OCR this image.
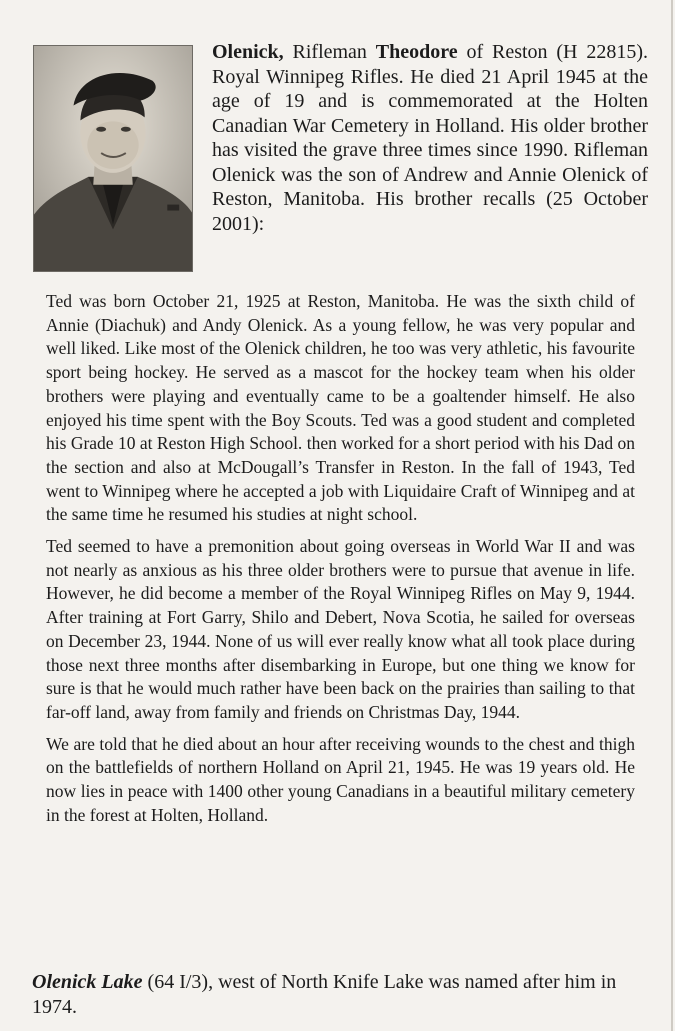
Olenick, Rifleman Theodore of Reston (H 22815). Royal Winnipeg Rifles. He died 21 April 1945 at the age of 19 and is commemorated at the Holten Canadian War Cemetery in Holland. His older brother has visited the grave three times since 1990. Rifleman Olenick was the son of Andrew and Annie Olenick of Reston, Manitoba. His brother recalls (25 October 2001):

Ted was born October 21, 1925 at Reston, Manitoba. He was the sixth child of Annie (Diachuk) and Andy Olenick. As a young fellow, he was very popular and well liked. Like most of the Olenick children, he too was very athletic, his favourite sport being hockey. He served as a mascot for the hockey team when his older brothers were playing and eventually came to be a goaltender himself. He also enjoyed his time spent with the Boy Scouts. Ted was a good student and completed his Grade 10 at Reston High School. then worked for a short period with his Dad on the section and also at McDougall’s Transfer in Reston. In the fall of 1943, Ted went to Winnipeg where he accepted a job with Liquidaire Craft of Winnipeg and at the same time he resumed his studies at night school.

Ted seemed to have a premonition about going overseas in World War II and was not nearly as anxious as his three older brothers were to pursue that avenue in life. However, he did become a member of the Royal Winnipeg Rifles on May 9, 1944. After training at Fort Garry, Shilo and Debert, Nova Scotia, he sailed for overseas on December 23, 1944. None of us will ever really know what all took place during those next three months after disembarking in Europe, but one thing we know for sure is that he would much rather have been back on the prairies than sailing to that far-off land, away from family and friends on Christmas Day, 1944.

We are told that he died about an hour after receiving wounds to the chest and thigh on the battlefields of northern Holland on April 21, 1945. He was 19 years old. He now lies in peace with 1400 other young Canadians in a beautiful military cemetery in the forest at Holten, Holland.

Olenick Lake (64 I/3), west of North Knife Lake was named after him in 1974.
